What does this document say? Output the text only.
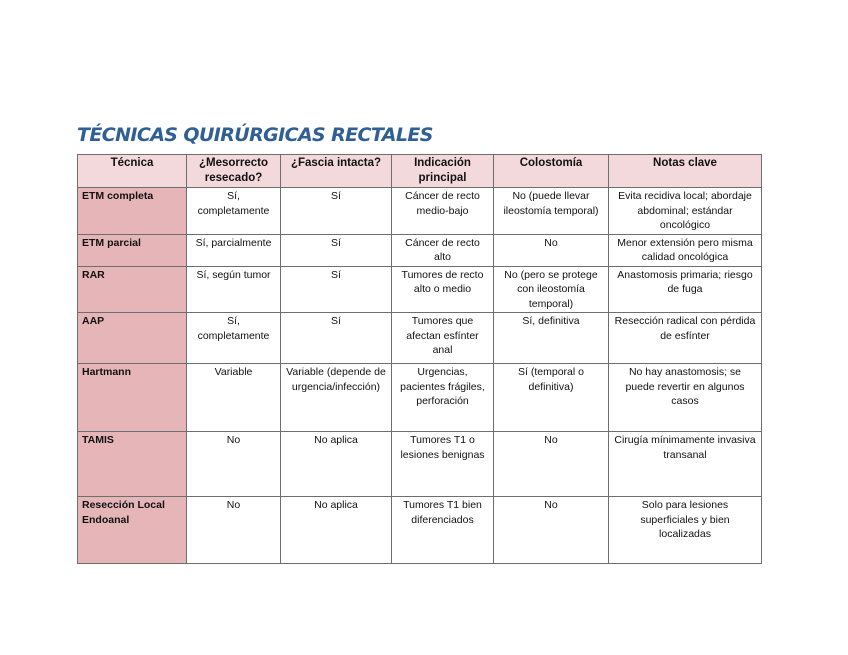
TÉCNICAS QUIRÚRGICAS RECTALES
Técnica	¿Mesorrecto resecado?	¿Fascia intacta?	Indicación principal	Colostomía	Notas clave
ETM completa	Sí, completamente	Sí	Cáncer de recto medio-bajo	No (puede llevar ileostomía temporal)	Evita recidiva local; abordaje abdominal; estándar oncológico
ETM parcial	Sí, parcialmente	Sí	Cáncer de recto alto	No	Menor extensión pero misma calidad oncológica
RAR	Sí, según tumor	Sí	Tumores de recto alto o medio	No (pero se protege con ileostomía temporal)	Anastomosis primaria; riesgo de fuga
AAP	Sí, completamente	Sí	Tumores que afectan esfínter anal	Sí, definitiva	Resección radical con pérdida de esfínter
Hartmann	Variable	Variable (depende de urgencia/infección)	Urgencias, pacientes frágiles, perforación	Sí (temporal o definitiva)	No hay anastomosis; se puede revertir en algunos casos
TAMIS	No	No aplica	Tumores T1 o lesiones benignas	No	Cirugía mínimamente invasiva transanal
Resección Local Endoanal	No	No aplica	Tumores T1 bien diferenciados	No	Solo para lesiones superficiales y bien localizadas
